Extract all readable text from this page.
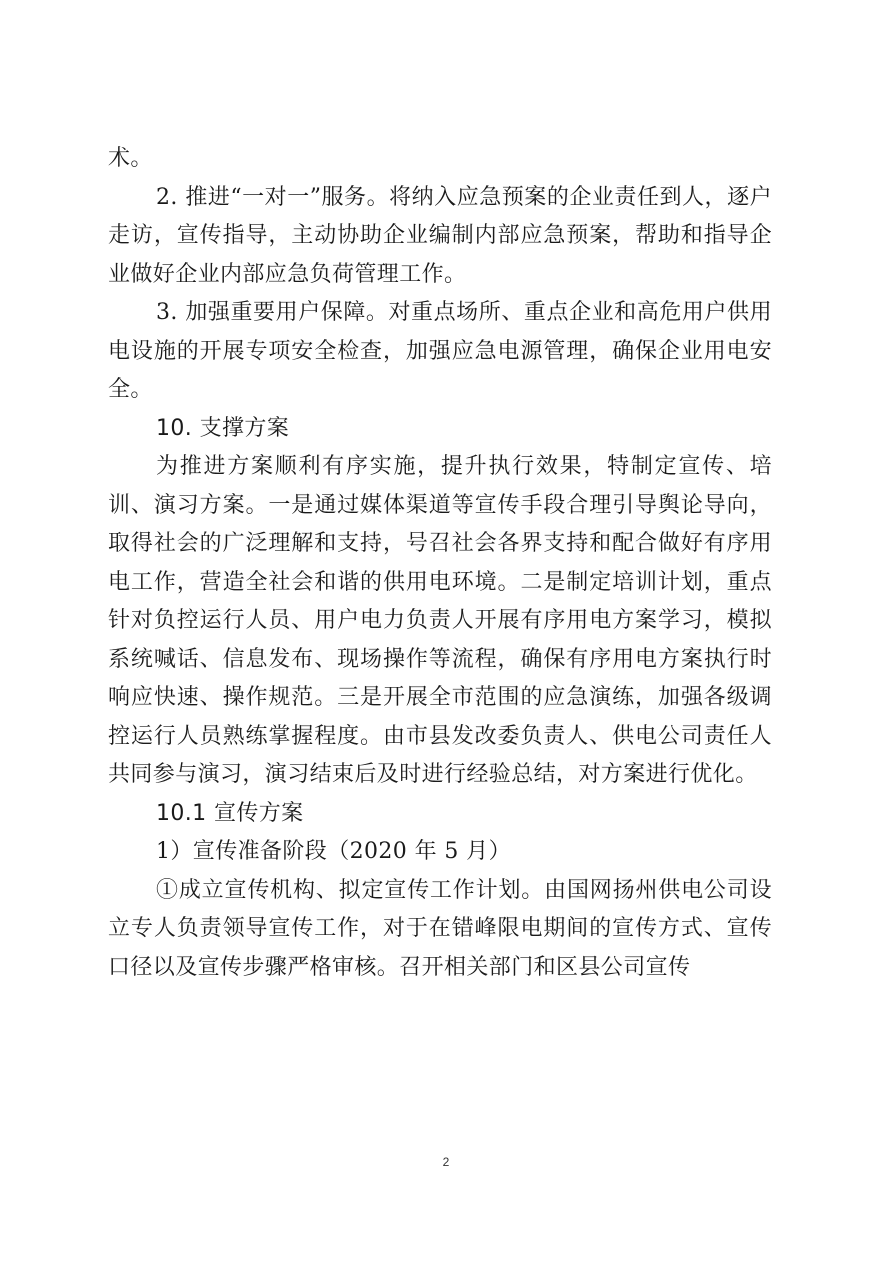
术。

2. 推进“一对一”服务。将纳入应急预案的企业责任到人，逐户走访，宣传指导，主动协助企业编制内部应急预案，帮助和指导企业做好企业内部应急负荷管理工作。

3. 加强重要用户保障。对重点场所、重点企业和高危用户供用电设施的开展专项安全检查，加强应急电源管理，确保企业用电安全。

10. 支撑方案

为推进方案顺利有序实施，提升执行效果，特制定宣传、培训、演习方案。一是通过媒体渠道等宣传手段合理引导舆论导向，取得社会的广泛理解和支持，号召社会各界支持和配合做好有序用电工作，营造全社会和谐的供用电环境。二是制定培训计划，重点针对负控运行人员、用户电力负责人开展有序用电方案学习，模拟系统喊话、信息发布、现场操作等流程，确保有序用电方案执行时响应快速、操作规范。三是开展全市范围的应急演练，加强各级调控运行人员熟练掌握程度。由市县发改委负责人、供电公司责任人共同参与演习，演习结束后及时进行经验总结，对方案进行优化。

10.1 宣传方案

1）宣传准备阶段（2020 年 5 月）

①成立宣传机构、拟定宣传工作计划。由国网扬州供电公司设立专人负责领导宣传工作，对于在错峰限电期间的宣传方式、宣传口径以及宣传步骤严格审核。召开相关部门和区县公司宣传

2
